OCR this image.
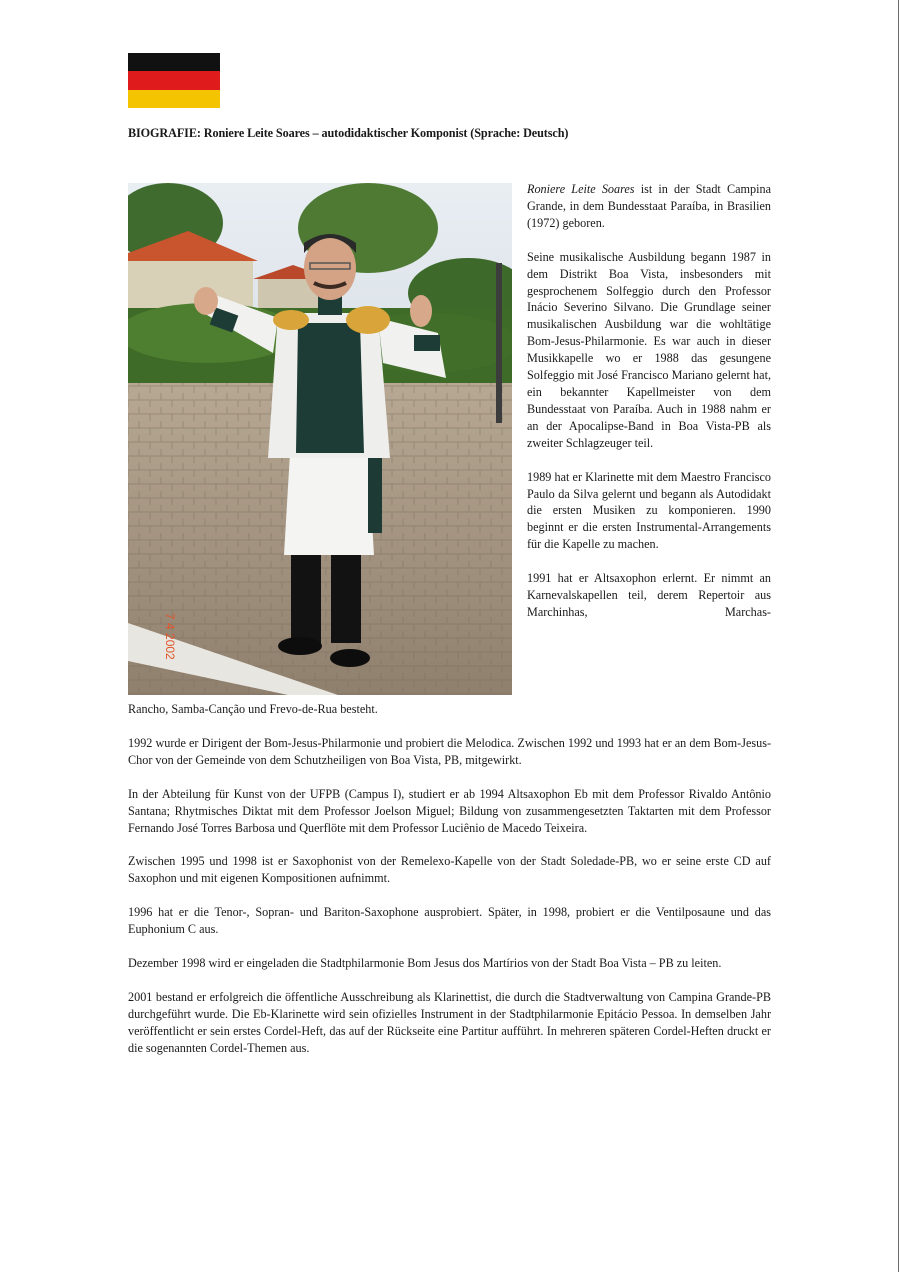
BIOGRAFIE: Roniere Leite Soares – autodidaktischer Komponist (Sprache: Deutsch)
7 4 2002

Roniere Leite Soares ist in der Stadt Campina Grande, in dem Bundesstaat Paraíba, in Brasilien (1972) geboren.

Seine musikalische Ausbildung begann 1987 in dem Distrikt Boa Vista, insbesonders mit gesprochenem Solfeggio durch den Professor Inácio Severino Silvano. Die Grundlage seiner musikalischen Ausbildung war die wohltätige Bom-Jesus-Philarmonie. Es war auch in dieser Musikkapelle wo er 1988 das gesungene Solfeggio mit José Francisco Mariano gelernt hat, ein bekannter Kapellmeister von dem Bundesstaat von Paraíba. Auch in 1988 nahm er an der Apocalipse-Band in Boa Vista-PB als zweiter Schlagzeuger teil.

1989 hat er Klarinette mit dem Maestro Francisco Paulo da Silva gelernt und begann als Autodidakt die ersten Musiken zu komponieren. 1990 beginnt er die ersten Instrumental-Arrangements für die Kapelle zu machen.

1991 hat er Altsaxophon erlernt. Er nimmt an Karnevalskapellen teil, derem Repertoir aus Marchinhas, Marchas-

Rancho, Samba-Canção und Frevo-de-Rua besteht.

1992 wurde er Dirigent der Bom-Jesus-Philarmonie und probiert die Melodica. Zwischen 1992 und 1993 hat er an dem Bom-Jesus-Chor von der Gemeinde von dem Schutzheiligen von Boa Vista, PB, mitgewirkt.

In der Abteilung für Kunst von der UFPB (Campus I), studiert er ab 1994 Altsaxophon Eb mit dem Professor Rivaldo Antônio Santana; Rhytmisches Diktat mit dem Professor Joelson Miguel; Bildung von zusammengesetzten Taktarten mit dem Professor Fernando José Torres Barbosa und Querflöte mit dem Professor Luciênio de Macedo Teixeira.

Zwischen 1995 und 1998 ist er Saxophonist von der Remelexo-Kapelle von der Stadt Soledade-PB, wo er seine erste CD auf Saxophon und mit eigenen Kompositionen aufnimmt.

1996 hat er die Tenor-, Sopran- und Bariton-Saxophone ausprobiert. Später, in 1998, probiert er die Ventilposaune und das Euphonium C aus.

Dezember 1998 wird er eingeladen die Stadtphilarmonie Bom Jesus dos Martírios von der Stadt Boa Vista – PB zu leiten.

2001 bestand er erfolgreich die öffentliche Ausschreibung als Klarinettist, die durch die Stadtverwaltung von Campina Grande-PB durchgeführt wurde. Die Eb-Klarinette wird sein ofizielles Instrument in der Stadtphilarmonie Epitácio Pessoa. In demselben Jahr veröffentlicht er sein erstes Cordel-Heft, das auf der Rückseite eine Partitur aufführt. In mehreren späteren Cordel-Heften druckt er die sogenannten Cordel-Themen aus.
